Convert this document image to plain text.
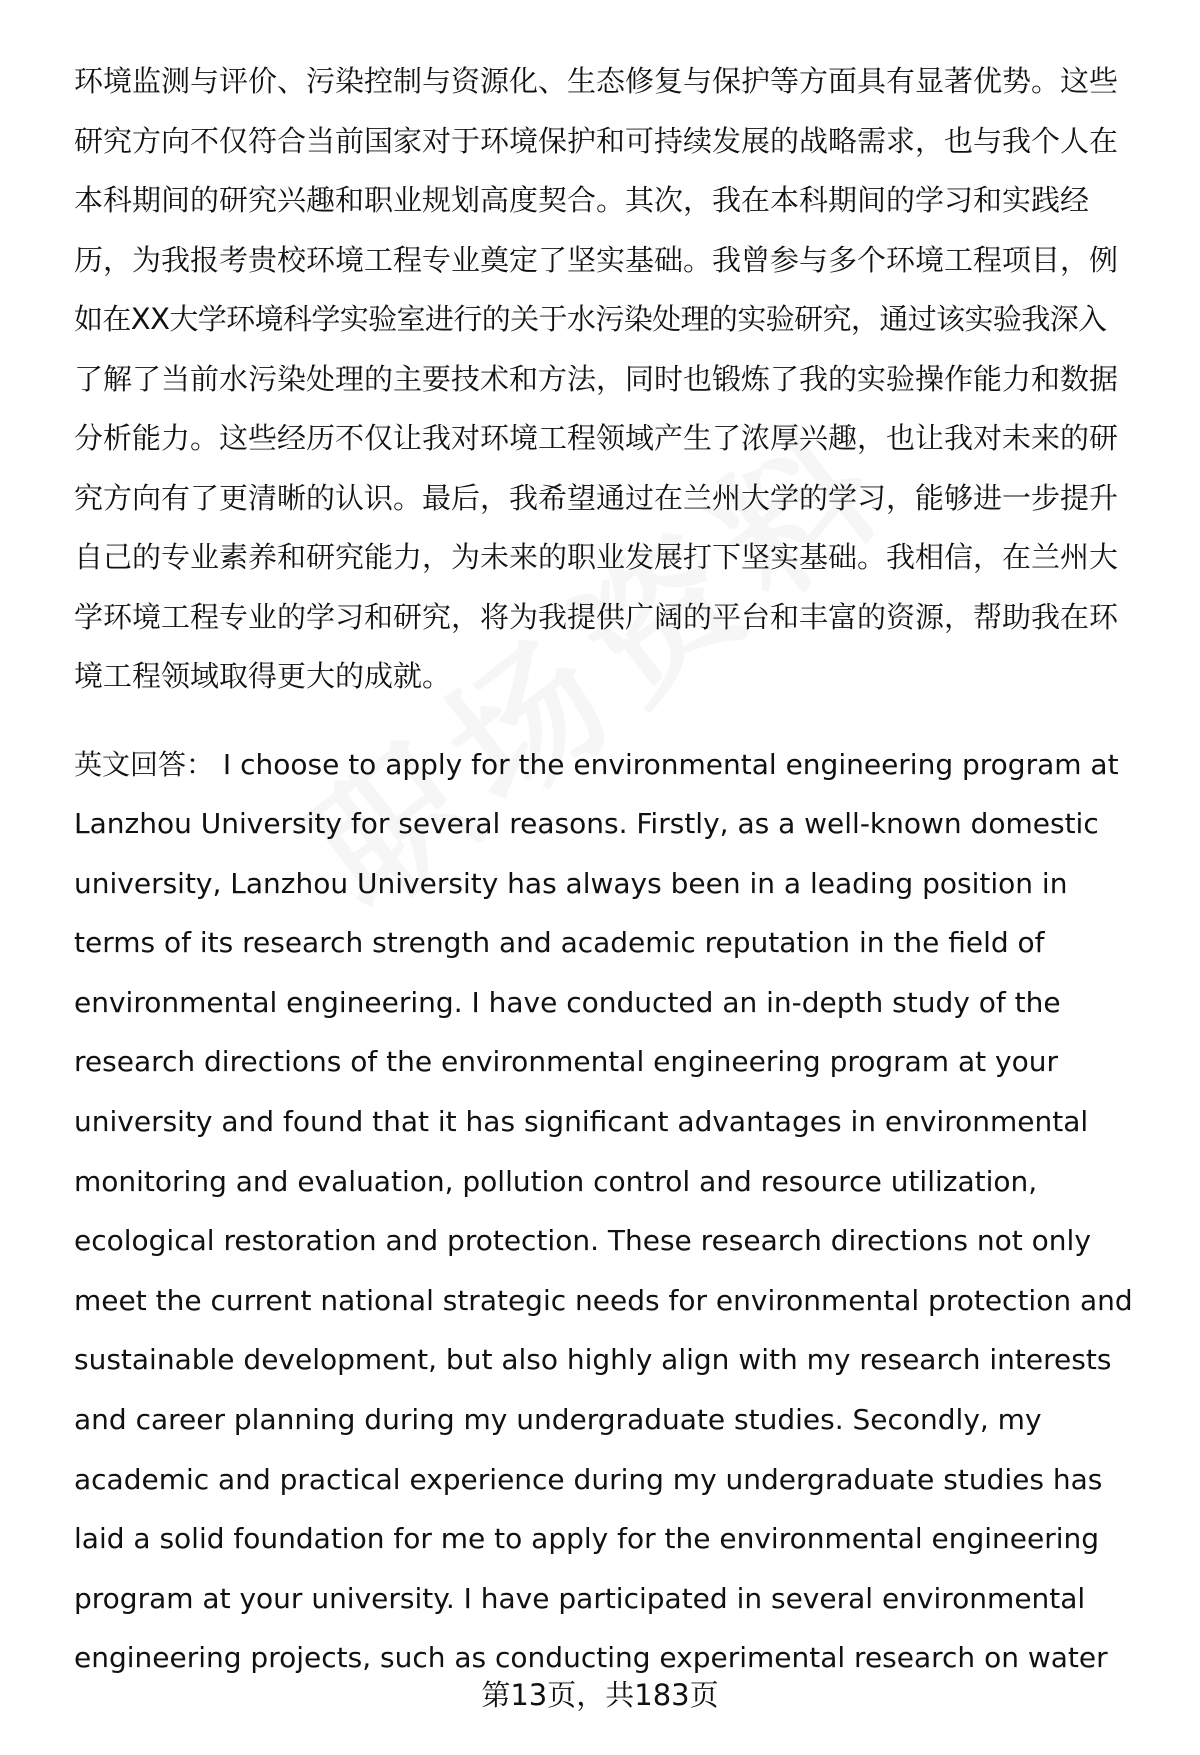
环境监测与评价、污染控制与资源化、生态修复与保护等方面具有显著优势。这些
研究方向不仅符合当前国家对于环境保护和可持续发展的战略需求，也与我个人在
本科期间的研究兴趣和职业规划高度契合。其次，我在本科期间的学习和实践经
历，为我报考贵校环境工程专业奠定了坚实基础。我曾参与多个环境工程项目，例
如在XX大学环境科学实验室进行的关于水污染处理的实验研究，通过该实验我深入
了解了当前水污染处理的主要技术和方法，同时也锻炼了我的实验操作能力和数据
分析能力。这些经历不仅让我对环境工程领域产生了浓厚兴趣，也让我对未来的研
究方向有了更清晰的认识。最后，我希望通过在兰州大学的学习，能够进一步提升
自己的专业素养和研究能力，为未来的职业发展打下坚实基础。我相信，在兰州大
学环境工程专业的学习和研究，将为我提供广阔的平台和丰富的资源，帮助我在环
境工程领域取得更大的成就。

英文回答： I choose to apply for the environmental engineering program at
Lanzhou University for several reasons. Firstly, as a well-known domestic
university, Lanzhou University has always been in a leading position in
terms of its research strength and academic reputation in the field of
environmental engineering. I have conducted an in-depth study of the
research directions of the environmental engineering program at your
university and found that it has significant advantages in environmental
monitoring and evaluation, pollution control and resource utilization,
ecological restoration and protection. These research directions not only
meet the current national strategic needs for environmental protection and
sustainable development, but also highly align with my research interests
and career planning during my undergraduate studies. Secondly, my
academic and practical experience during my undergraduate studies has
laid a solid foundation for me to apply for the environmental engineering
program at your university. I have participated in several environmental
engineering projects, such as conducting experimental research on water

第13页，共183页
